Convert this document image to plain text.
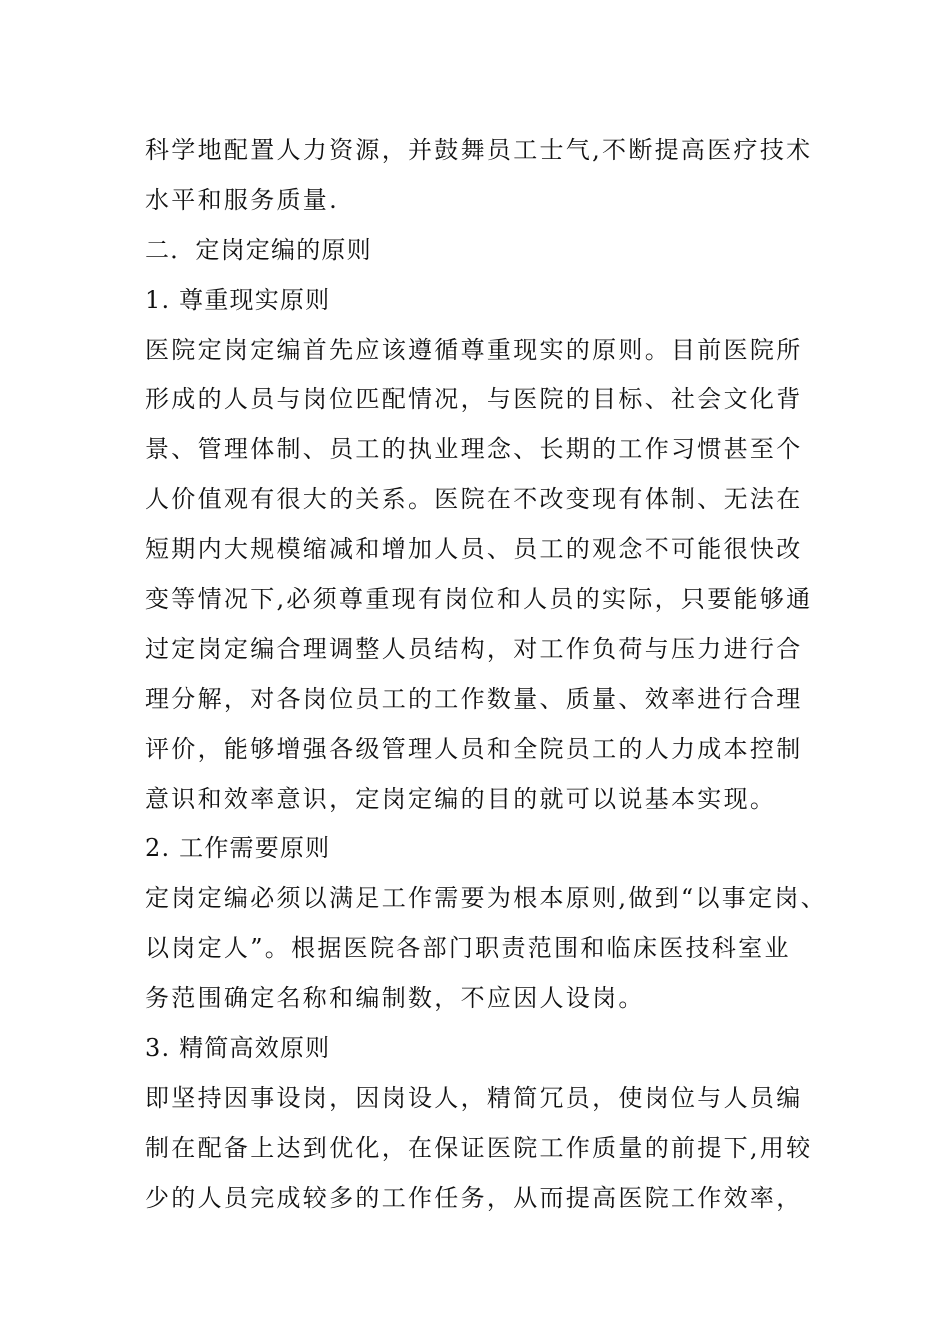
科学地配置人力资源，并鼓舞员工士气,不断提高医疗技术
水平和服务质量.
二．定岗定编的原则
1. 尊重现实原则
医院定岗定编首先应该遵循尊重现实的原则。目前医院所
形成的人员与岗位匹配情况，与医院的目标、社会文化背
景、管理体制、员工的执业理念、长期的工作习惯甚至个
人价值观有很大的关系。医院在不改变现有体制、无法在
短期内大规模缩减和增加人员、员工的观念不可能很快改
变等情况下,必须尊重现有岗位和人员的实际，只要能够通
过定岗定编合理调整人员结构，对工作负荷与压力进行合
理分解，对各岗位员工的工作数量、质量、效率进行合理
评价，能够增强各级管理人员和全院员工的人力成本控制
意识和效率意识，定岗定编的目的就可以说基本实现。
2. 工作需要原则
定岗定编必须以满足工作需要为根本原则,做到“以事定岗、
以岗定人”。根据医院各部门职责范围和临床医技科室业
务范围确定名称和编制数，不应因人设岗。
3. 精简高效原则
即坚持因事设岗，因岗设人，精简冗员，使岗位与人员编
制在配备上达到优化，在保证医院工作质量的前提下,用较
少的人员完成较多的工作任务，从而提高医院工作效率，
